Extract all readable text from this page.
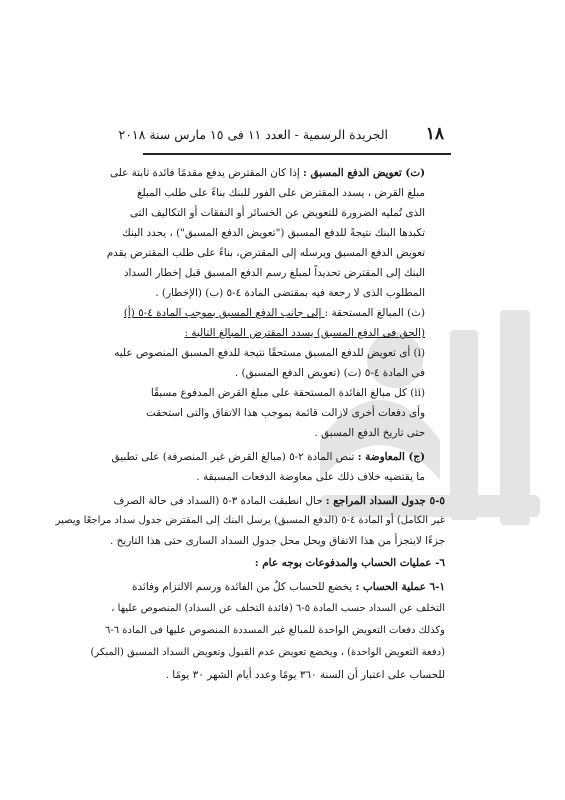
١٨
الجريدة الرسمية - العدد ١١ فى ١٥ مارس سنة ٢٠١٨
(ت) تعويض الدفع المسبق : إذا كان المقترض يدفع مقدمًا فائدة ثابتة على
مبلغ القرض ، يسدد المقترض على الفور للبنك بناءً على طلب المبلغ
الذى تُمليه الضرورة للتعويض عن الخسائر أو النفقات أو التكاليف التى
تكبدها البنك نتيجةً للدفع المسبق ("تعويض الدفع المسبق") ، يحدد البنك
تعويض الدفع المسبق ويرسله إلى المقترض، بناءً على طلب المقترض يقدم
البنك إلى المقترض تحديداً لمبلغ رسم الدفع المسبق قبل إخطار السداد
المطلوب الذى لا رجعة فيه بمقتضى المادة ٤-٥ (ب) (الإخطار) .
(ث) المبالغ المستحقة : إلى جانب الدفع المسبق بموجب المادة ٤-٥ (أ)
(الحق فى الدفع المسبق) يسدد المقترض المبالغ التالية :
(i) أى تعويض للدفع المسبق مستحقًا نتيجة للدفع المسبق المنصوص عليه
فى المادة ٤-٥ (ت) (تعويض الدفع المسبق) .
(ii) كل مبالغ الفائدة المستحقة على مبلغ القرض المدفوع مسبقًا
وأى دفعات أخرى لازالت قائمة بموجب هذا الاتفاق والتى استحقت
حتى تاريخ الدفع المسبق .
(ج) المعاوضة : تنص المادة ٢-٥ (مبالغ القرض غير المنصرفة) على تطبيق
ما يقتضيه خلاف ذلك على معاوضة الدفعات المسبقة .
٥-٥ جدول السداد المراجع : حال انطبقت المادة ٣-٥ (السداد فى حالة الصرف
غير الكامل) أو المادة ٤-٥ (الدفع المسبق) يرسل البنك إلى المقترض جدول سداد مراجعًا ويصير
جزءًا لايتجزأ من هذا الاتفاق ويحل محل جدول السداد السارى حتى هذا التاريخ .
٦- عمليات الحساب والمدفوعات بوجه عام :
١-٦ عملية الحساب : يخضع للحساب كلٌ من الفائدة ورسم الالتزام وفائدة
التخلف عن السداد حسب المادة ٥-٦ (فائدة التخلف عن السداد) المنصوص عليها ،
وكذلك دفعات التعويض الواحدة للمبالغ غير المسددة المنصوص عليها فى المادة ٦-٦
(دفعة التعويض الواحدة) ، ويخضع تعويض عدم القبول وتعويض السداد المسبق (المبكر)
للحساب على اعتبار أن السنة ٣٦٠ يومًا وعدد أيام الشهر ٣٠ يومًا .
